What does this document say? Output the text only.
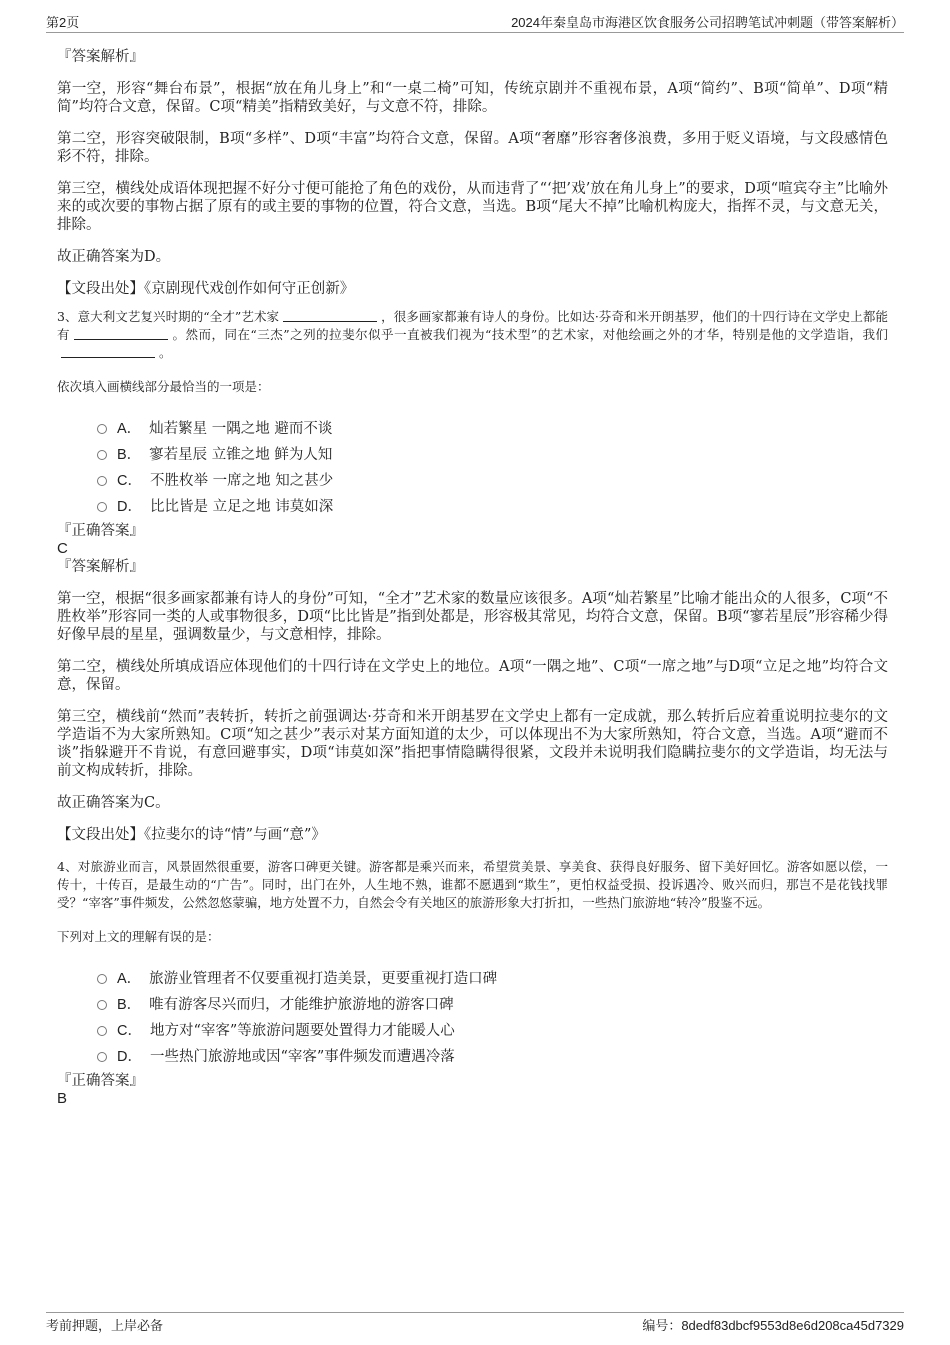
第2页	2024年秦皇岛市海港区饮食服务公司招聘笔试冲刺题（带答案解析）

『答案解析』

第一空，形容“舞台布景”，根据“放在角儿身上”和“一桌二椅”可知，传统京剧并不重视布景，A项“简约”、B项“简单”、D项“精简”均符合文意，保留。C项“精美”指精致美好，与文意不符，排除。

第二空，形容突破限制，B项“多样”、D项“丰富”均符合文意，保留。A项“奢靡”形容奢侈浪费，多用于贬义语境，与文段感情色彩不符，排除。

第三空，横线处成语体现把握不好分寸便可能抢了角色的戏份，从而违背了“‘把’戏’放在角儿身上”的要求，D项“喧宾夺主”比喻外来的或次要的事物占据了原有的或主要的事物的位置，符合文意，当选。B项“尾大不掉”比喻机构庞大，指挥不灵，与文意无关，排除。

故正确答案为D。

【文段出处】《京剧现代戏创作如何守正创新》

3、意大利文艺复兴时期的“全才”艺术家	，很多画家都兼有诗人的身份。比如达·芬奇和米开朗基罗，他们的十四行诗在文学史上都能有	。然而，同在“三杰”之列的拉斐尔似乎一直被我们视为“技术型”的艺术家，对他绘画之外的才华，特别是他的文学造诣，我们。

依次填入画横线部分最恰当的一项是：

A． 灿若繁星 一隅之地 避而不谈
B． 寥若星辰 立锥之地 鲜为人知
C． 不胜枚举 一席之地 知之甚少
D． 比比皆是 立足之地 讳莫如深

『正确答案』

C

『答案解析』

第一空，根据“很多画家都兼有诗人的身份”可知，“全才”艺术家的数量应该很多。A项“灿若繁星”比喻才能出众的人很多，C项“不胜枚举”形容同一类的人或事物很多，D项“比比皆是”指到处都是，形容极其常见，均符合文意，保留。B项“寥若星辰”形容稀少得好像早晨的星星，强调数量少，与文意相悖，排除。

第二空，横线处所填成语应体现他们的十四行诗在文学史上的地位。A项“一隅之地”、C项“一席之地”与D项“立足之地”均符合文意，保留。

第三空，横线前“然而”表转折，转折之前强调达·芬奇和米开朗基罗在文学史上都有一定成就，那么转折后应着重说明拉斐尔的文学造诣不为大家所熟知。C项“知之甚少”表示对某方面知道的太少，可以体现出不为大家所熟知，符合文意，当选。A项“避而不谈”指躲避开不肯说，有意回避事实，D项“讳莫如深”指把事情隐瞒得很紧，文段并未说明我们隐瞒拉斐尔的文学造诣，均无法与前文构成转折，排除。

故正确答案为C。

【文段出处】《拉斐尔的诗“情”与画“意”》

4、对旅游业而言，风景固然很重要，游客口碑更关键。游客都是乘兴而来，希望赏美景、享美食、获得良好服务、留下美好回忆。游客如愿以偿，一传十，十传百，是最生动的“广告”。同时，出门在外，人生地不熟，谁都不愿遇到“欺生”，更怕权益受损、投诉遇冷、败兴而归，那岂不是花钱找罪受？“宰客”事件频发，公然忽悠蒙骗，地方处置不力，自然会令有关地区的旅游形象大打折扣，一些热门旅游地“转冷”殷鉴不远。

下列对上文的理解有误的是：

A． 旅游业管理者不仅要重视打造美景，更要重视打造口碑
B． 唯有游客尽兴而归，才能维护旅游地的游客口碑
C． 地方对“宰客”等旅游问题要处置得力才能暖人心
D． 一些热门旅游地或因“宰客”事件频发而遭遇冷落

『正确答案』

B

考前押题，上岸必备	编号：8dedf83dbcf9553d8e6d208ca45d7329
